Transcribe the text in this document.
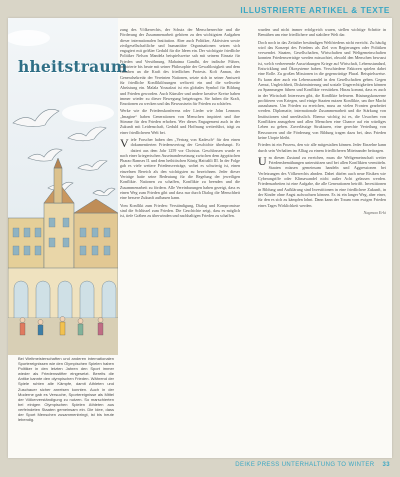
ILLUSTRIERTE ARTIKEL & TEXTE
hheitstraum

zung des Völkerrechts, der Schutz der Menschenrechte und die Förderung der Zusammenarbeit gehören zu den wichtigsten Aufgaben dieser internationalen Institution. Aber auch Politiker, Aktivisten sowie zivilgesellschaftliche und humanitäre Organisationen setzen sich engagiert mit größter Geduld für die Ideen ein. Der wichtigste friedliche Politiker Nelson Mandela beispielsweise sah mit seinem Einsatz für Frieden und Versöhnung. Mahatma Gandhi, der indische Führer, inspirierte bis heute mit seiner Philosophie der Gewaltlosigkeit und dem Glauben an die Kraft des friedlichen Protests. Kofi Annan, der Generalsekretär der Vereinten Nationen, setzte sich in seiner Amtszeit für friedliche Konfliktlösungen weltweit ein und die weltweite Abrüstung ein. Malala Yousafzai ist ein globales Symbol für Bildung und Frieden geworden. Auch Künstler und andere kreative Kreise haben immer wieder zu dieser Bewegung beigetragen. Sie haben die Kraft, Emotionen zu wecken und das Bewusstsein für Frieden zu schärfen.

Werke wie die Friedenskonferenz oder Lieder wie John Lennons „Imagine“ haben Generationen von Menschen inspiriert und ihre Stimme für den Frieden erhoben. Wer dieses Engagement auch in der Zukunft mit Leidenschaft, Geduld und Hoffnung weiterführt, trägt zu einer friedlicheren Welt bei.

Viele Forscher haben den „Vertrag von Kadesch“ für den einen dokumentierten Friedensvertrag der Geschichte überhaupt. Er datiert aus dem Jahr 1259 vor Christus. Geschlossen wurde er nach einer kriegerischen Auseinandersetzung zwischen dem ägyptischen Pharao Ramses II. und dem hethitischen König Hattušili III. In der Folge gab es viele weitere Friedensverträge, wobei es schwierig ist, einen einzelnen Bereich als den wichtigsten zu bezeichnen. Jeder dieser Verträge hatte seine Bedeutung für die Regelung der jeweiligen Konflikte. Nationen zu schaffen, Konflikte zu beenden und die Zusammenarbeit zu fördern. Alle Vereinbarungen haben gezeigt, dass es einen Weg zum Frieden gibt und dass nur durch Dialog die Menschheit eine bessere Zukunft aufbauen kann.

Vom Konflikt zum Frieden: Verständigung, Dialog und Kompromisse sind die Schlüssel zum Frieden. Die Geschichte zeigt, dass es möglich ist, tiefe Gräben zu überwinden und nachhaltigen Frieden zu schaffen.

wurden und nicht immer erfolgreich waren, stellen wichtige Schritte in Bemühen um eine friedlichere und stabilere Welt dar.

Doch noch in das Zeitalter beständigen Weltfriedens nicht erreicht. Zu häufig wird das Konzept des Friedens als Ziel von Regierungen oder Politiken verwendet. Staaten, Gesellschaften, Wirtschaften und Weltgemeinschaften konnten Friedensverträge werden missachtet, obwohl den Menschen bewusst ist, welch verheerende Auswirkungen Kriege auf Wirtschaft, Lebensstandard, Entwicklung und Ökosysteme haben. Verschiedene Faktoren spielen dabei eine Rolle. Zu großen Missionen in die gegenwärtige Plural. Beispielsweise. Es kann aber auch ein Lebenswandel in den Gesellschaften geben. Gegen Armut, Ungleichheit, Diskriminierung und soziale Ungerechtigkeiten können zu Spannungen führen und Konflikte verstärken. Hinzu kommt, dass es auch in der Wirtschaft Interessen gibt, die Konflikte befeuern. Rüstungskonzerne profitieren von Kriegen, und einige Staaten nutzen Konflikte, um ihre Macht auszubauen. Um Frieden zu erreichen, muss an vielen Fronten gearbeitet werden. Diplomatie, internationale Zusammenarbeit und die Stärkung von Institutionen sind unerlässlich. Ebenso wichtig ist es, die Ursachen von Konflikten anzugehen und allen Menschen eine Chance auf ein würdiges Leben zu geben. Zuverlässige Strukturen, eine gerechte Verteilung von Ressourcen und die Förderung von Bildung tragen dazu bei, dass Frieden keine Utopie bleibt.

Frieden ist ein Prozess, den wir alle mitgestalten können. Jeder Einzelne kann durch sein Verhalten im Alltag zu einem friedlicheren Miteinander beitragen.

Um diesen Zustand zu erreichen, muss die Weltgemeinschaft weiter Friedensbemühungen unterstützen und bei allen Konflikten vermitteln. Staaten müssen gemeinsam handeln und Aggressionen bei Verletzungen des Völkerrechts ahnden. Dabei dürfen auch neue Risiken wie Cyberangriffe oder Klimawandel nicht außer Acht gelassen werden. Friedensarbeiten ist eine Aufgabe, die alle Generationen betrifft. Investitionen in Bildung und Aufklärung sind Investitionen in eine friedlichere Zukunft, in der Kinder ohne Angst aufwachsen können. Es ist ein langer Weg, aber einer, für den es sich zu kämpfen lohnt. Dann kann der Traum vom ewigen Frieden eines Tages Wirklichkeit werden.

Nagmaa Erki
Bei Weltmeisterschaften und anderen internationalen Sportereignissen wie den Olympischen Spielen haben Politiker in den letzten Jahren den Sport immer wieder als Friedensstifter eingesetzt. Bereits die Antike kannte den olympischen Frieden. Während der Spiele ruhten alle Kämpfe, damit Athleten und Zuschauer sicher anreisen konnten. Auch in der Moderne gab es Versuche, Sportereignisse als Mittel der Völkerverständigung zu nutzen. So marschierten bei einigen Olympischen Spielen Athleten aus verfeindeten Staaten gemeinsam ein. Die Idee, dass der Sport Menschen zusammenbringt, ist bis heute lebendig.
DEIKE PRESS UNTERHALTUNG TO WINTER 33
